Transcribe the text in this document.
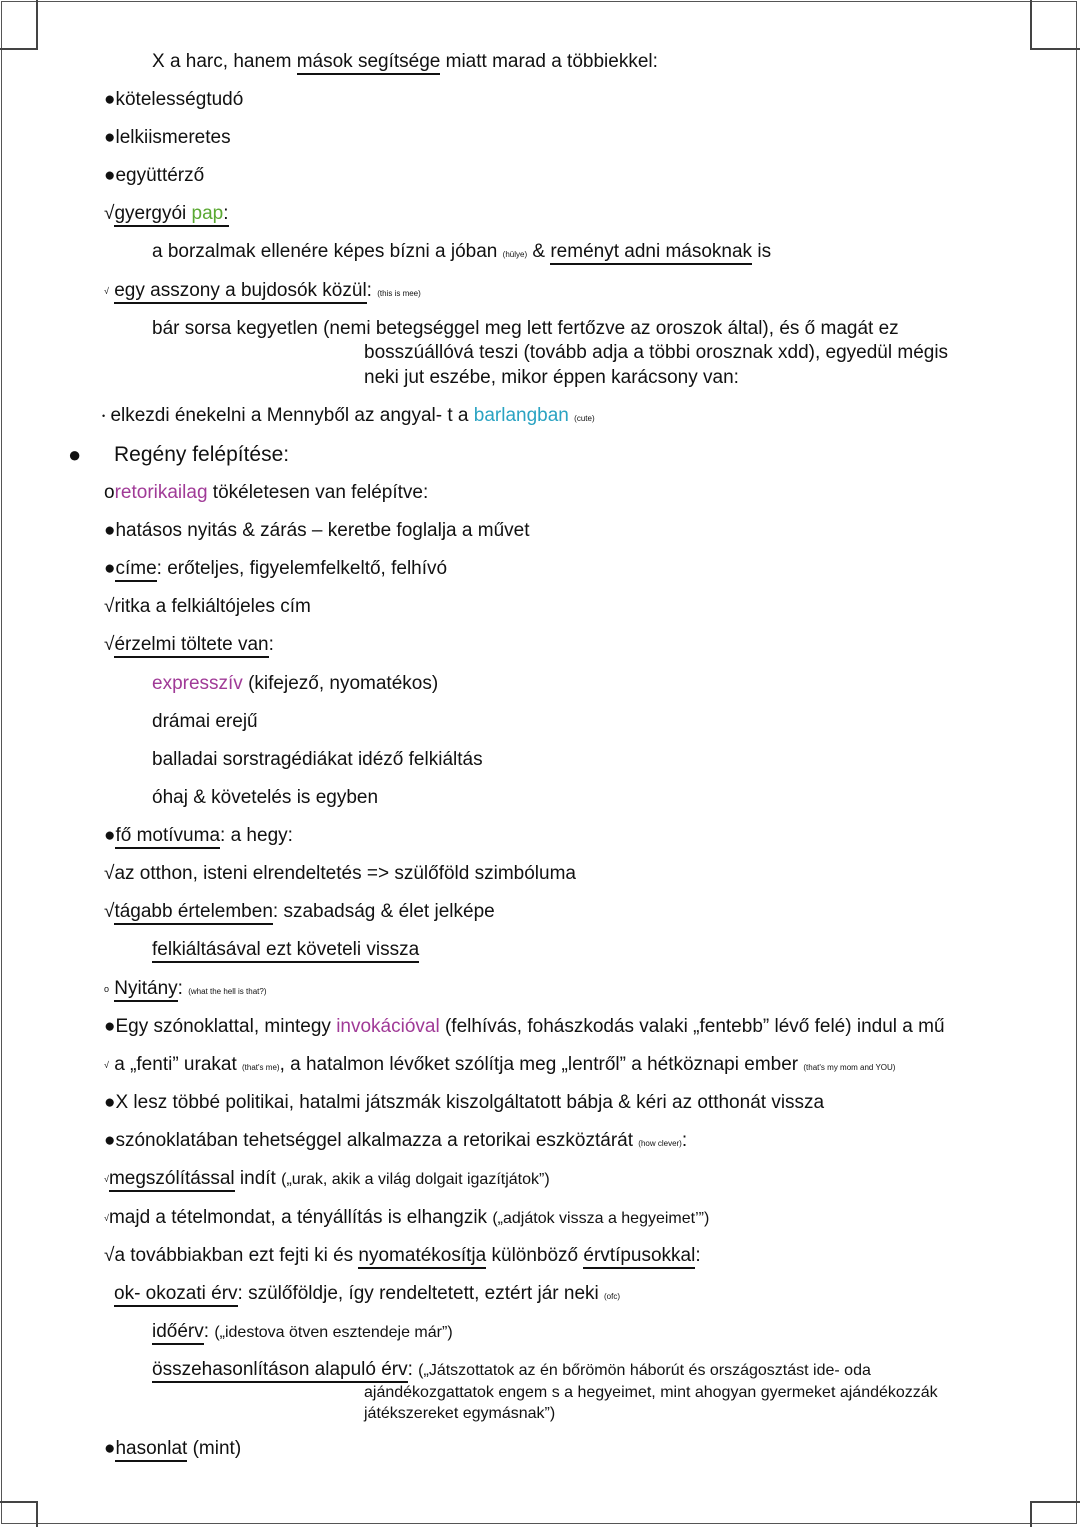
X a harc, hanem mások segítsége miatt marad a többiekkel:
●kötelességtudó
●lelkiismeretes
●együttérző
√gyergyói pap:
a borzalmak ellenére képes bízni a jóban (hülye) & reményt adni másoknak is
√ egy asszony a bujdosók közül: (this is mee)
bár sorsa kegyetlen (nemi betegséggel meg lett fertőzve az oroszok által), és ő magát ez
bosszúállóvá teszi (tovább adja a többi orosznak xdd), egyedül mégis
neki jut eszébe, mikor éppen karácsony van:
• elkezdi énekelni a Mennyből az angyal- t a barlangban (cute)
● Regény felépítése:
oretorikailag tökéletesen van felépítve:
●hatásos nyitás & zárás – keretbe foglalja a művet
●címe: erőteljes, figyelemfelkeltő, felhívó
√ritka a felkiáltójeles cím
√érzelmi töltete van:
expresszív (kifejező, nyomatékos)
drámai erejű
balladai sorstragédiákat idéző felkiáltás
óhaj & követelés is egyben
●fő motívuma: a hegy:
√az otthon, isteni elrendeltetés => szülőföld szimbóluma
√tágabb értelemben: szabadság & élet jelképe
felkiáltásával ezt követeli vissza
$^o$ Nyitány: (what the hell is that?)
●Egy szónoklattal, mintegy invokációval (felhívás, fohászkodás valaki „fentebb” lévő felé) indul a mű
√ a „fenti” urakat (that's me), a hatalmon lévőket szólítja meg „lentről” a hétköznapi ember (that's my mom and YOU)
●X lesz többé politikai, hatalmi játszmák kiszolgáltatott bábja & kéri az otthonát vissza
●szónoklatában tehetséggel alkalmazza a retorikai eszköztárát (how clever):
√megszólítással indít („urak, akik a világ dolgait igazítjátok”)
√majd a tételmondat, a tényállítás is elhangzik („adjátok vissza a hegyeimet’”)
√a továbbiakban ezt fejti ki és nyomatékosítja különböző érvtípusokkal:
ok- okozati érv: szülőföldje, így rendeltetett, eztért jár neki (ofc)
időérv: („idestova ötven esztendeje már”)
összehasonlításon alapuló érv: („Játszottatok az én bőrömön háborút és országosztást ide- oda
ajándékozgattatok engem s a hegyeimet, mint ahogyan gyermeket ajándékozzák
játékszereket egymásnak”)
●hasonlat (mint)
